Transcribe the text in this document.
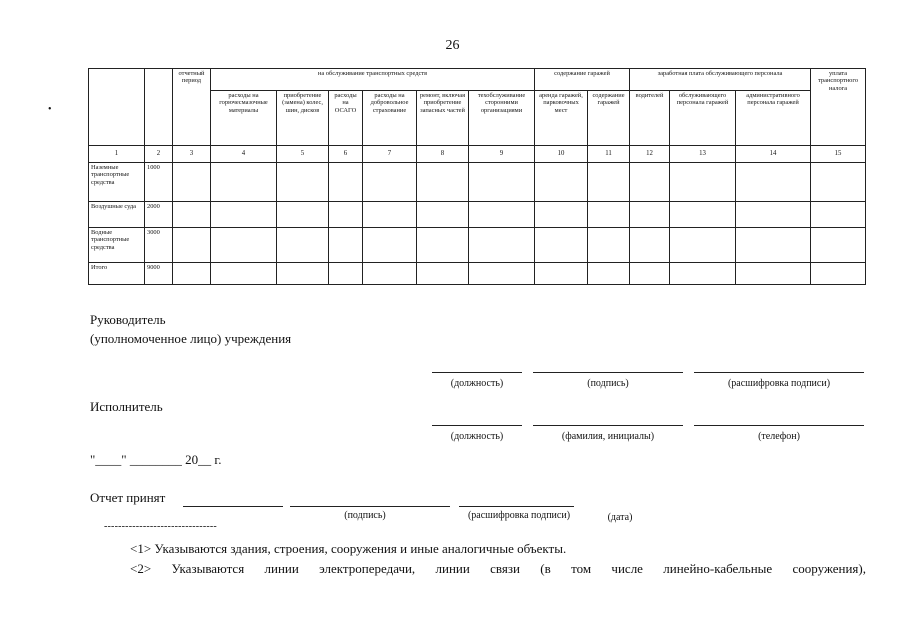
26
•
		отчетный период	на обслуживание транспортных средств						содержание гаражей		заработная плата обслуживающего персонала			уплата транспортного налога
			расходы на горючесмазочные материалы	приобретение (замена) колес, шин, дисков	расходы на ОСАГО	расходы на добровольное страхование	ремонт, включая приобретение запасных частей	техобслуживание сторонними организациями	аренда гаражей, парковочных мест	содержание гаражей	водителей	обслуживающего персонала гаражей	административного персонала гаражей	
1	2	3	4	5	6	7	8	9	10	11	12	13	14	15
Наземные транспортные средства	1000													
Воздушные суда	2000													
Водные транспортные средства	3000													
Итого	9000													
Руководитель
(уполномоченное лицо) учреждения
(должность)	(подпись)	(расшифровка подписи)
Исполнитель
(должность)	(фамилия, инициалы)	(телефон)
"____" ________ 20__ г.
Отчет принят
(подпись)	(расшифровка подписи)	(дата)
--------------------------------
<1> Указываются здания, строения, сооружения и иные аналогичные объекты.
<2> Указываются линии электропередачи, линии связи (в том числе линейно-кабельные сооружения),
